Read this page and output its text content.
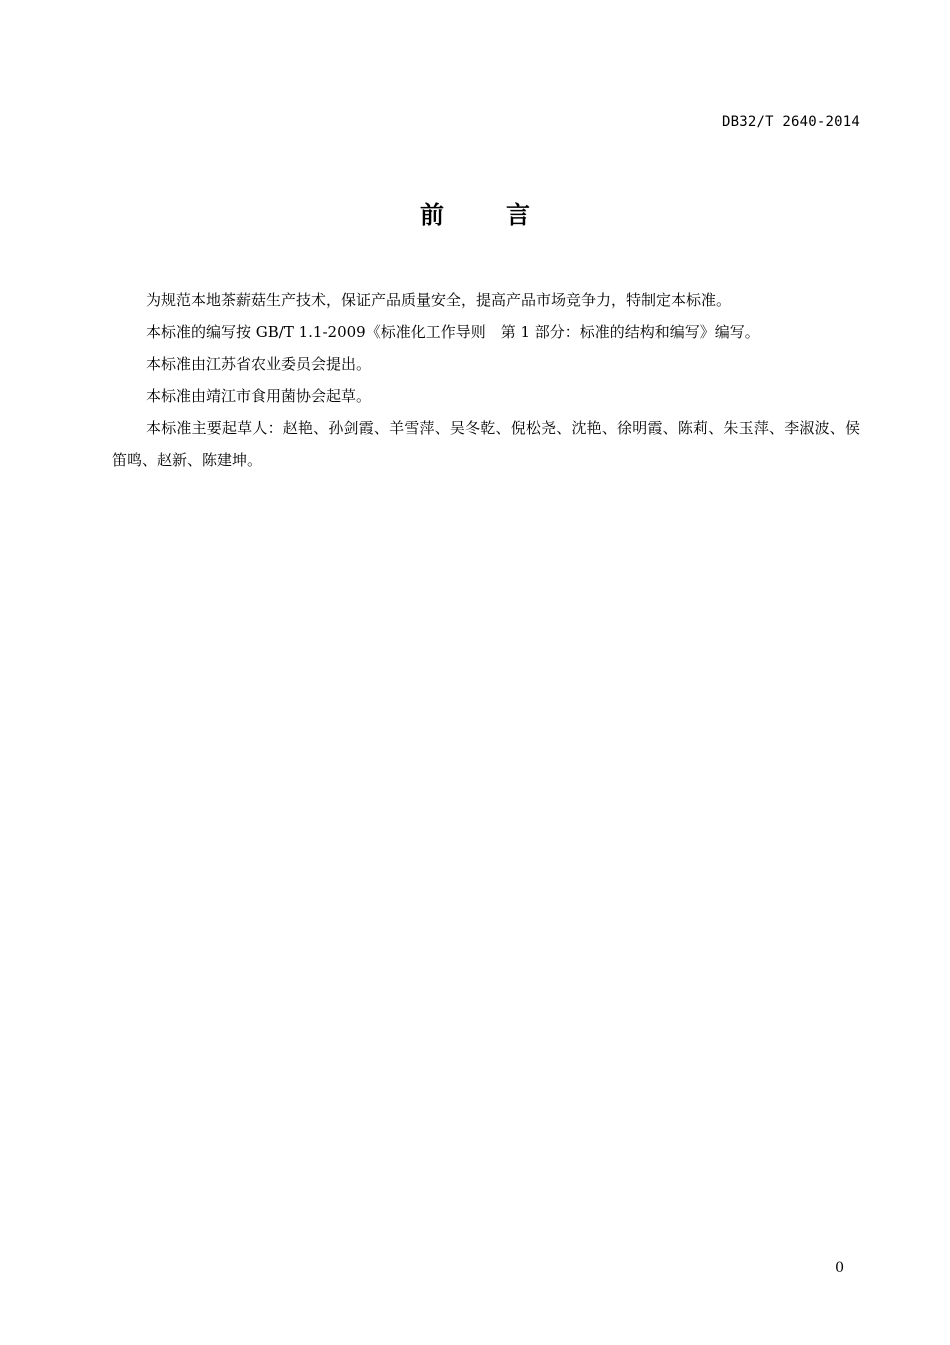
DB32/T 2640-2014
前	言

为规范本地茶薪菇生产技术，保证产品质量安全，提高产品市场竞争力，特制定本标准。

本标准的编写按 GB/T 1.1-2009《标准化工作导则　第 1 部分：标准的结构和编写》编写。

本标准由江苏省农业委员会提出。

本标准由靖江市食用菌协会起草。

本标准主要起草人：赵艳、孙剑霞、羊雪萍、吴冬乾、倪松尧、沈艳、徐明霞、陈莉、朱玉萍、李淑波、侯笛鸣、赵新、陈建坤。

0
